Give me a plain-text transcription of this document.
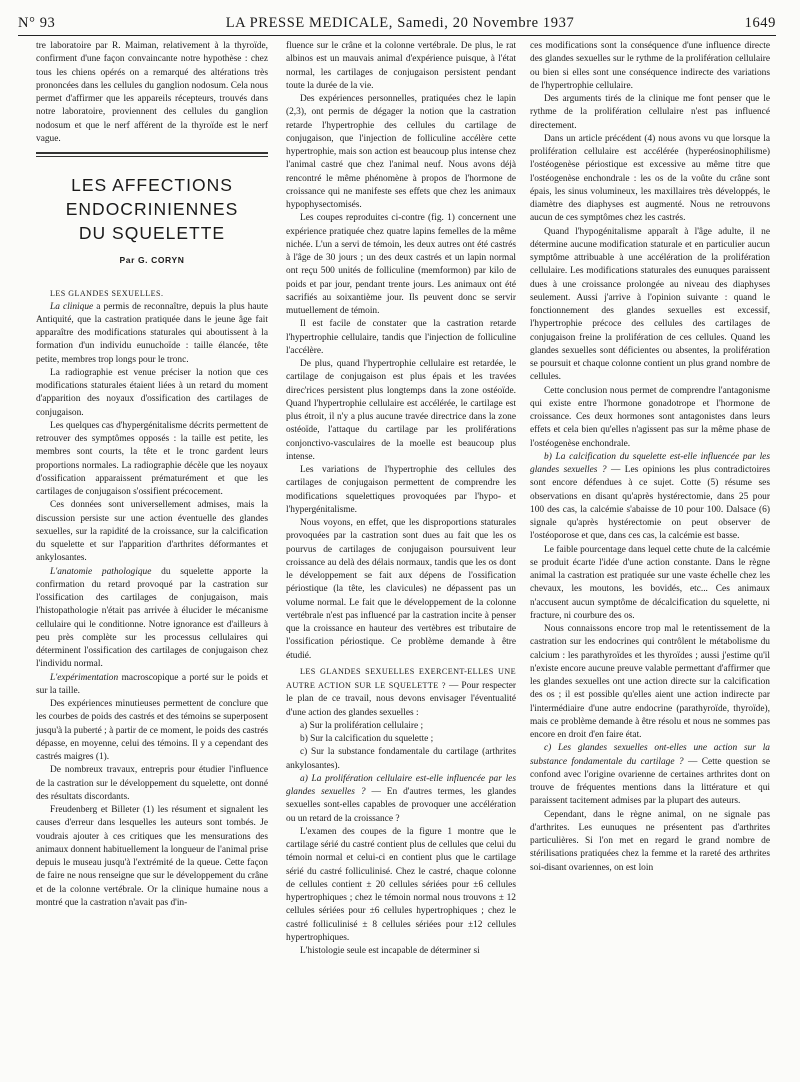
N° 93	LA PRESSE MEDICALE, Samedi, 20 Novembre 1937	1649

tre laboratoire par R. Maiman, relativement à la thyroïde, confirment d'une façon convaincante notre hypothèse : chez tous les chiens opérés on a remarqué des altérations très prononcées dans les cellules du ganglion nodosum. Cela nous permet d'affirmer que les appareils récepteurs, trouvés dans notre laboratoire, proviennent des cellules du ganglion nodosum et que le nerf afférent de la thyroïde est le nerf vague.

LES AFFECTIONS
ENDOCRINIENNES
DU SQUELETTE
Par G. CORYN

LES GLANDES SEXUELLES.

La clinique a permis de reconnaître, depuis la plus haute Antiquité, que la castration pratiquée dans le jeune âge fait apparaître des modifications staturales qui aboutissent à la formation d'un individu eunuchoïde : taille élancée, tête petite, membres trop longs pour le tronc.

La radiographie est venue préciser la notion que ces modifications staturales étaient liées à un retard du moment d'apparition des noyaux d'ossification des cartilages de conjugaison.

Les quelques cas d'hypergénitalisme décrits permettent de retrouver des symptômes opposés : la taille est petite, les membres sont courts, la tête et le tronc gardent leurs proportions normales. La radiographie décèle que les noyaux d'ossification apparaissent prématurément et que les cartilages de conjugaison s'ossifient précocement.

Ces données sont universellement admises, mais la discussion persiste sur une action éventuelle des glandes sexuelles, sur la rapidité de la croissance, sur la calcification du squelette et sur l'apparition d'arthrites déformantes et ankylosantes.

L'anatomie pathologique du squelette apporte la confirmation du retard provoqué par la castration sur l'ossification des cartilages de conjugaison, mais l'histopathologie n'était pas arrivée à élucider le mécanisme cellulaire qui le conditionne. Notre ignorance est d'ailleurs à peu près complète sur les processus cellulaires qui déterminent l'ossification des cartilages de conjugaison chez l'individu normal.

L'expérimentation macroscopique a porté sur le poids et sur la taille.

Des expériences minutieuses permettent de conclure que les courbes de poids des castrés et des témoins se superposent jusqu'à la puberté ; à partir de ce moment, le poids des castrés dépasse, en moyenne, celui des témoins. Il y a cependant des castrés maigres (1).

De nombreux travaux, entrepris pour étudier l'influence de la castration sur le développement du squelette, ont donné des résultats discordants.

Freudenberg et Billeter (1) les résument et signalent les causes d'erreur dans lesquelles les auteurs sont tombés. Je voudrais ajouter à ces critiques que les mensurations des animaux donnent habituellement la longueur de l'animal prise depuis le museau jusqu'à l'extrémité de la queue. Cette façon de faire ne nous renseigne que sur le développement du crâne et de la colonne vertébrale. Or la clinique humaine nous a montré que la castration n'avait pas d'in-

fluence sur le crâne et la colonne vertébrale. De plus, le rat albinos est un mauvais animal d'expérience puisque, à l'état normal, les cartilages de conjugaison persistent pendant toute la durée de la vie.

Des expériences personnelles, pratiquées chez le lapin (2,3), ont permis de dégager la notion que la castration retarde l'hypertrophie des cellules du cartilage de conjugaison, que l'injection de folliculine accélère cette hypertrophie, mais son action est beaucoup plus intense chez l'animal castré que chez l'animal neuf. Nous avons déjà rencontré le même phénomène à propos de l'hormone de croissance qui ne manifeste ses effets que chez les animaux hypophysectomisés.

Les coupes reproduites ci-contre (fig. 1) concernent une expérience pratiquée chez quatre lapins femelles de la même nichée. L'un a servi de témoin, les deux autres ont été castrés à l'âge de 30 jours ; un des deux castrés et un lapin normal ont reçu 500 unités de folliculine (memformon) par kilo de poids et par jour, pendant trente jours. Les animaux ont été sacrifiés au soixantième jour. Ils peuvent donc se servir mutuellement de témoin.

Il est facile de constater que la castration retarde l'hypertrophie cellulaire, tandis que l'injection de folliculine l'accélère.

De plus, quand l'hypertrophie cellulaire est retardée, le cartilage de conjugaison est plus épais et les travées direc'rices persistent plus longtemps dans la zone ostéoïde. Quand l'hypertrophie cellulaire est accélérée, le cartilage est plus étroit, il n'y a plus aucune travée directrice dans la zone ostéoïde, l'attaque du cartilage par les proliférations conjonctivo-vasculaires de la moelle est beaucoup plus intense.

Les variations de l'hypertrophie des cellules des cartilages de conjugaison permettent de comprendre les modifications squelettiques provoquées par l'hypo- et l'hypergénitalisme.

Nous voyons, en effet, que les disproportions staturales provoquées par la castration sont dues au fait que les os pourvus de cartilages de conjugaison poursuivent leur croissance au delà des délais normaux, tandis que les os dont le développement se fait aux dépens de l'ossification périostique (la tête, les clavicules) ne dépassent pas un volume normal. Le fait que le développement de la colonne vertébrale n'est pas influencé par la castration incite à penser que la croissance en hauteur des vertèbres est tributaire de l'ossification périostique. Ce problème demande à être étudié.

LES GLANDES SEXUELLES EXERCENT-ELLES UNE AUTRE ACTION SUR LE SQUELETTE ? — Pour respecter le plan de ce travail, nous devons envisager l'éventualité d'une action des glandes sexuelles :

a) Sur la prolifération cellulaire ;

b) Sur la calcification du squelette ;

c) Sur la substance fondamentale du cartilage (arthrites ankylosantes).

a) La prolifération cellulaire est-elle influencée par les glandes sexuelles ? — En d'autres termes, les glandes sexuelles sont-elles capables de provoquer une accélération ou un retard de la croissance ?

L'examen des coupes de la figure 1 montre que le cartilage sérié du castré contient plus de cellules que celui du témoin normal et celui-ci en contient plus que le cartilage sérié du castré folliculinisé. Chez le castré, chaque colonne de cellules contient ± 20 cellules sériées pour ±6 cellules hypertrophiques ; chez le témoin normal nous trouvons ± 12 cellules sériées pour ±6 cellules hypertrophiques ; chez le castré folliculinisé ± 8 cellules sériées pour ±12 cellules hypertrophiques.

L'histologie seule est incapable de déterminer si

ces modifications sont la conséquence d'une influence directe des glandes sexuelles sur le rythme de la prolifération cellulaire ou bien si elles sont une conséquence indirecte des variations de l'hypertrophie cellulaire.

Des arguments tirés de la clinique me font penser que le rythme de la prolifération cellulaire n'est pas influencé directement.

Dans un article précédent (4) nous avons vu que lorsque la prolifération cellulaire est accélérée (hyperéosinophilisme) l'ostéogenèse périostique est excessive au même titre que l'ostéogenèse enchondrale : les os de la voûte du crâne sont épais, les sinus volumineux, les maxillaires très développés, le diamètre des diaphyses est augmenté. Nous ne retrouvons aucun de ces symptômes chez les castrés.

Quand l'hypogénitalisme apparaît à l'âge adulte, il ne détermine aucune modification staturale et en particulier aucun symptôme attribuable à une accélération de la prolifération cellulaire. Les modifications staturales des eunuques paraissent dues à une croissance prolongée au niveau des diaphyses seulement. Aussi j'arrive à l'opinion suivante : quand le fonctionnement des glandes sexuelles est excessif, l'hypertrophie précoce des cellules des cartilages de conjugaison freine la prolifération de ces cellules. Quand les glandes sexuelles sont déficientes ou absentes, la prolifération se poursuit et chaque colonne contient un plus grand nombre de cellules.

Cette conclusion nous permet de comprendre l'antagonisme qui existe entre l'hormone gonadotrope et l'hormone de croissance. Ces deux hormones sont antagonistes dans leurs effets et cela bien qu'elles n'agissent pas sur la même phase de l'ostéogenèse enchondrale.

b) La calcification du squelette est-elle influencée par les glandes sexuelles ? — Les opinions les plus contradictoires sont encore défendues à ce sujet. Cotte (5) résume ses observations en disant qu'après hystérectomie, dans 25 pour 100 des cas, la calcémie s'abaisse de 10 pour 100. Dalsace (6) signale qu'après hystérectomie on peut observer de l'ostéoporose et que, dans ces cas, la calcémie est basse.

Le faible pourcentage dans lequel cette chute de la calcémie se produit écarte l'idée d'une action constante. Dans le règne animal la castration est pratiquée sur une vaste échelle chez les chevaux, les moutons, les bovidés, etc... Ces animaux n'accusent aucun symptôme de décalcification du squelette, ni fracture, ni courbure des os.

Nous connaissons encore trop mal le retentissement de la castration sur les endocrines qui contrôlent le métabolisme du calcium : les parathyroïdes et les thyroïdes ; aussi j'estime qu'il n'existe encore aucune preuve valable permettant d'affirmer que les glandes sexuelles ont une action directe sur la calcification des os ; il est possible qu'elles aient une action indirecte par l'intermédiaire d'une autre endocrine (parathyroïde, thyroïde), mais ce problème demande à être résolu et nous ne sommes pas encore en droit d'en faire état.

c) Les glandes sexuelles ont-elles une action sur la substance fondamentale du cartilage ? — Cette question se confond avec l'origine ovarienne de certaines arthrites dont on trouve de fréquentes mentions dans la littérature et qui paraissent tacitement admises par la plupart des auteurs.

Cependant, dans le règne animal, on ne signale pas d'arthrites. Les eunuques ne présentent pas d'arthrites particulières. Si l'on met en regard le grand nombre de stérilisations pratiquées chez la femme et la rareté des arthrites soi-disant ovariennes, on est loin
